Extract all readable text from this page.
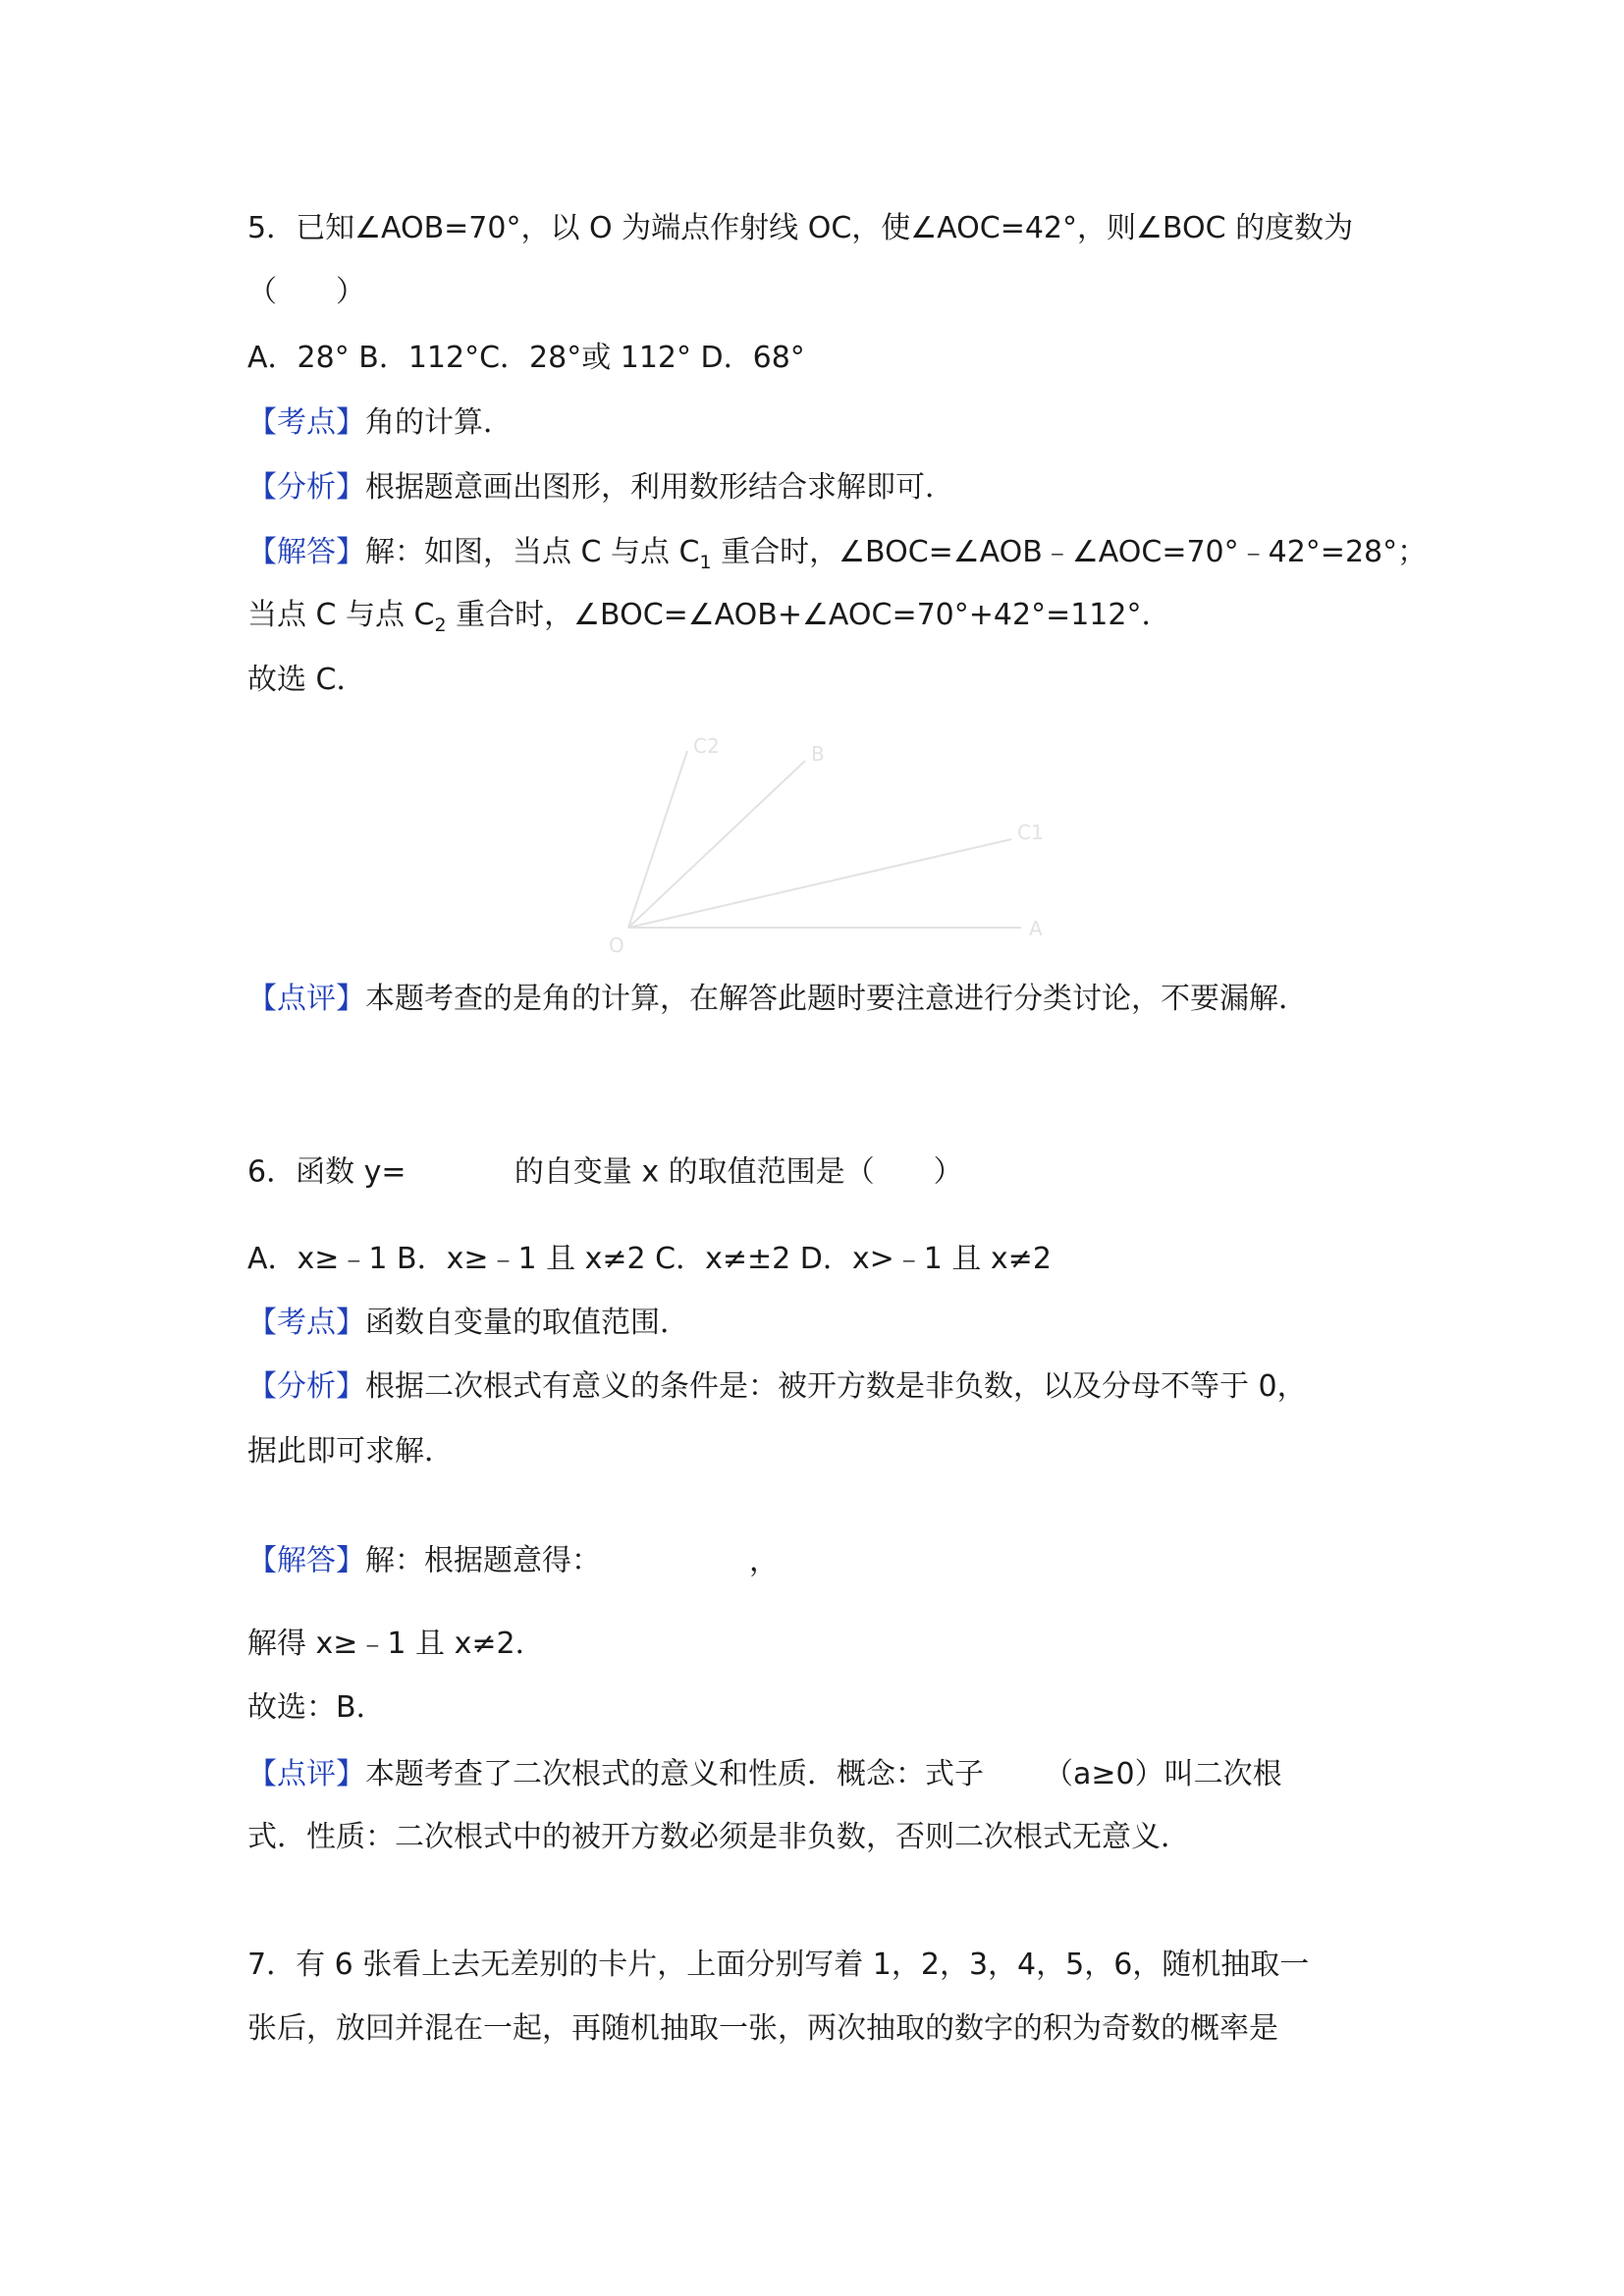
5．已知∠AOB=70°，以 O 为端点作射线 OC，使∠AOC=42°，则∠BOC 的度数为
（　　）
A．28° B．112°C．28°或 112° D．68°
【考点】角的计算．
【分析】根据题意画出图形，利用数形结合求解即可．
【解答】解：如图，当点 C 与点 $C_1$ 重合时，∠BOC=∠AOB﹣∠AOC=70°﹣42°=28°；
当点 C 与点 $C_2$ 重合时，∠BOC=∠AOB+∠AOC=70°+42°=112°．
故选 C．
O
A
B
C1
C2
【点评】本题考查的是角的计算，在解答此题时要注意进行分类讨论，不要漏解．
6．函数 y=	的自变量 x 的取值范围是（　　）
A．x≥﹣1 B．x≥﹣1 且 x≠2 C．x≠±2 D．x>﹣1 且 x≠2
【考点】函数自变量的取值范围．
【分析】根据二次根式有意义的条件是：被开方数是非负数，以及分母不等于 0，
据此即可求解．
【解答】解：根据题意得：	，
解得 x≥﹣1 且 x≠2．
故选：B．
【点评】本题考查了二次根式的意义和性质．概念：式子 （a≥0）叫二次根
式．性质：二次根式中的被开方数必须是非负数，否则二次根式无意义．
7．有 6 张看上去无差别的卡片，上面分别写着 1，2，3，4，5，6，随机抽取一
张后，放回并混在一起，再随机抽取一张，两次抽取的数字的积为奇数的概率是
